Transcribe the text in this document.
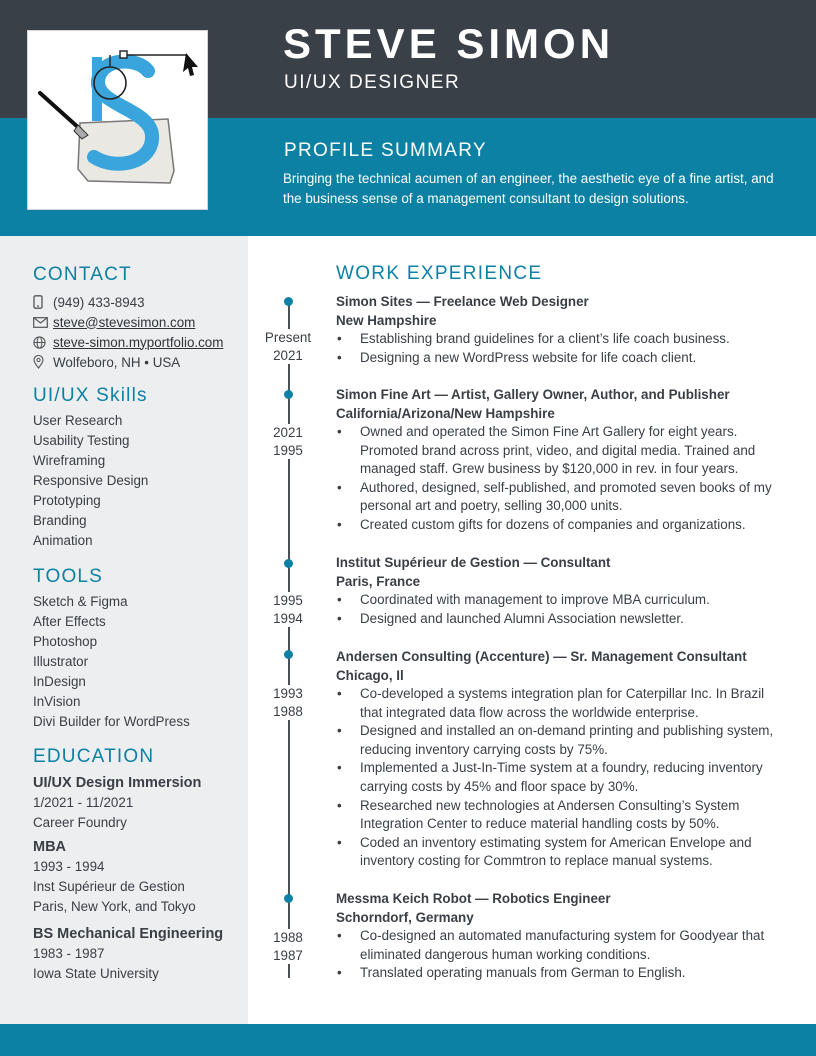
STEVE SIMON
UI/UX DESIGNER
PROFILE SUMMARY
Bringing the technical acumen of an engineer, the aesthetic eye of a fine artist, and the business sense of a management consultant to design solutions.
CONTACT
(949) 433-8943
steve@stevesimon.com
steve-simon.myportfolio.com
Wolfeboro, NH • USA
UI/UX Skills
User Research
Usability Testing
Wireframing
Responsive Design
Prototyping
Branding
Animation
TOOLS
Sketch & Figma
After Effects
Photoshop
Illustrator
InDesign
InVision
Divi Builder for WordPress
EDUCATION
UI/UX Design Immersion
1/2021 - 11/2021
Career Foundry
MBA
1993 - 1994
Inst Supérieur de Gestion
Paris, New York, and Tokyo
BS Mechanical Engineering
1983 - 1987
Iowa State University
WORK EXPERIENCE
Present
2021
2021
1995
1995
1994
1993
1988
1988
1987
Simon Sites — Freelance Web Designer
New Hampshire
• Establishing brand guidelines for a client’s life coach business.
• Designing a new WordPress website for life coach client.
Simon Fine Art — Artist, Gallery Owner, Author, and Publisher
California/Arizona/New Hampshire
• Owned and operated the Simon Fine Art Gallery for eight years. Promoted brand across print, video, and digital media. Trained and managed staff. Grew business by $120,000 in rev. in four years.
• Authored, designed, self-published, and promoted seven books of my personal art and poetry, selling 30,000 units.
• Created custom gifts for dozens of companies and organizations.
Institut Supérieur de Gestion — Consultant
Paris, France
• Coordinated with management to improve MBA curriculum.
• Designed and launched Alumni Association newsletter.
Andersen Consulting (Accenture) — Sr. Management Consultant
Chicago, Il
• Co-developed a systems integration plan for Caterpillar Inc. In Brazil that integrated data flow across the worldwide enterprise.
• Designed and installed an on-demand printing and publishing system, reducing inventory carrying costs by 75%.
• Implemented a Just-In-Time system at a foundry, reducing inventory carrying costs by 45% and floor space by 30%.
• Researched new technologies at Andersen Consulting’s System Integration Center to reduce material handling costs by 50%.
• Coded an inventory estimating system for American Envelope and inventory costing for Commtron to replace manual systems.
Messma Keich Robot — Robotics Engineer
Schorndorf, Germany
• Co-designed an automated manufacturing system for Goodyear that eliminated dangerous human working conditions.
• Translated operating manuals from German to English.
